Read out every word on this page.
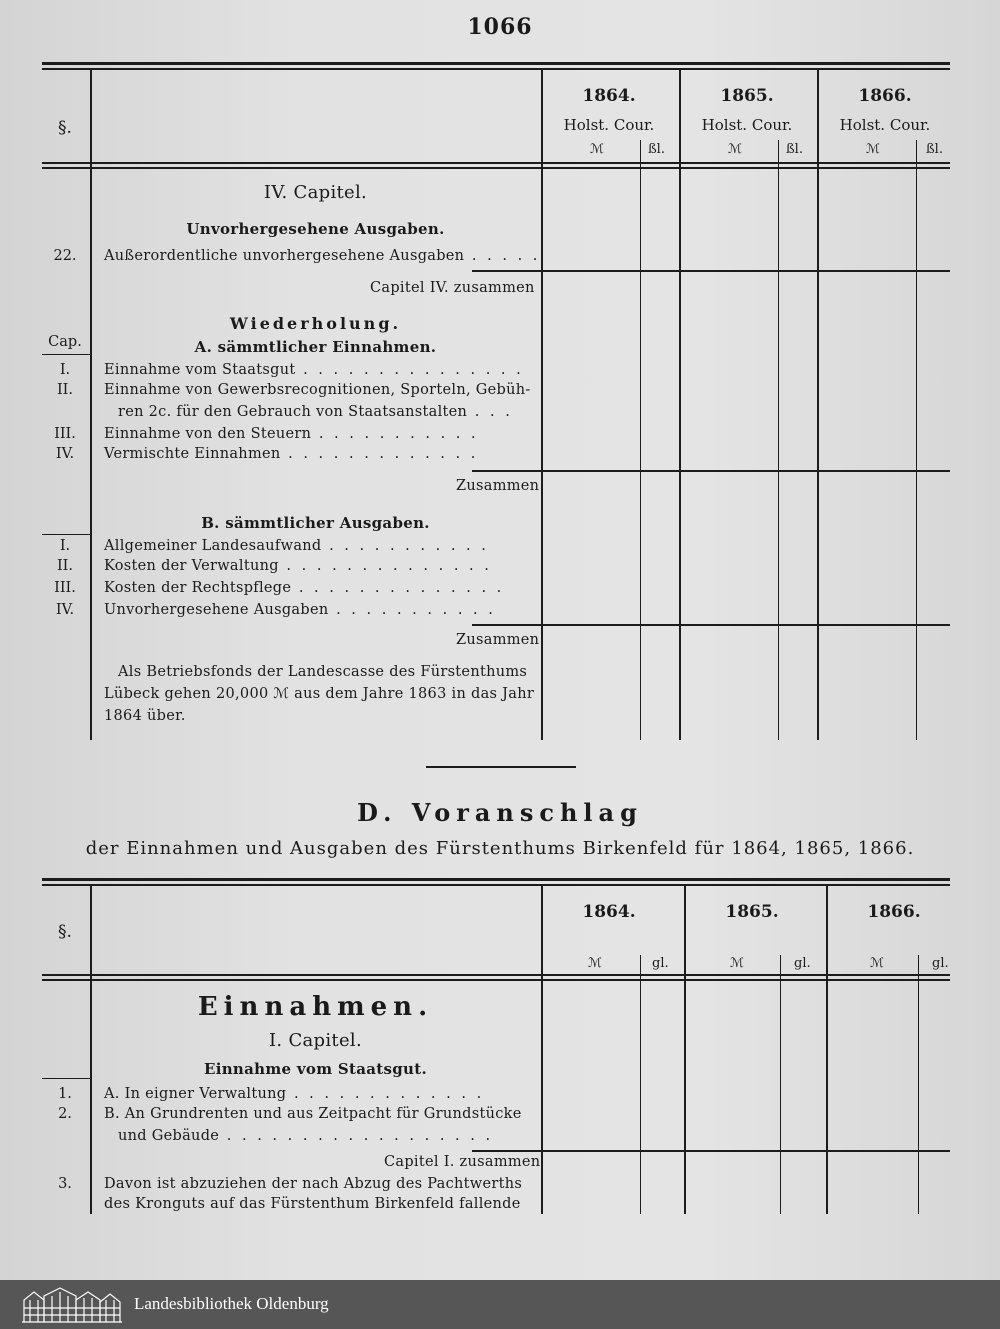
1066
§.
1864.
Holst. Cour.
ℳ	ßl.
1865.
Holst. Cour.
ℳ	ßl.
1866.
Holst. Cour.
ℳ	ßl.
IV. Capitel.
Unvorhergesehene Ausgaben.
22.	Außerordentliche unvorhergesehene Ausgaben . . . . .
Capitel IV. zusammen
Wiederholung.
Cap.	A. sämmtlicher Einnahmen.
I.	Einnahme vom Staatsgut . . . . . . . . . . . . . . .
II.	Einnahme von Gewerbsrecognitionen, Sporteln, Gebüh-
ren 2c. für den Gebrauch von Staatsanstalten . . .
III.	Einnahme von den Steuern . . . . . . . . . . .
IV.	Vermischte Einnahmen . . . . . . . . . . . . .
Zusammen
B. sämmtlicher Ausgaben.
I.	Allgemeiner Landesaufwand . . . . . . . . . . .
II.	Kosten der Verwaltung . . . . . . . . . . . . . .
III.	Kosten der Rechtspflege . . . . . . . . . . . . . .
IV.	Unvorhergesehene Ausgaben . . . . . . . . . . .
Zusammen
Als Betriebsfonds der Landescasse des Fürstenthums
Lübeck gehen 20,000 ℳ aus dem Jahre 1863 in das Jahr
1864 über.
D. Voranschlag
der Einnahmen und Ausgaben des Fürstenthums Birkenfeld für 1864, 1865, 1866.
§.
1864.
ℳ	gl.
1865.
ℳ	gl.
1866.
ℳ	gl.
Einnahmen.
I. Capitel.
Einnahme vom Staatsgut.
1.	A. In eigner Verwaltung . . . . . . . . . . . . .
2.	B. An Grundrenten und aus Zeitpacht für Grundstücke
und Gebäude . . . . . . . . . . . . . . . . . .
Capitel I. zusammen
3.	Davon ist abzuziehen der nach Abzug des Pachtwerths
des Kronguts auf das Fürstenthum Birkenfeld fallende
Landesbibliothek Oldenburg
